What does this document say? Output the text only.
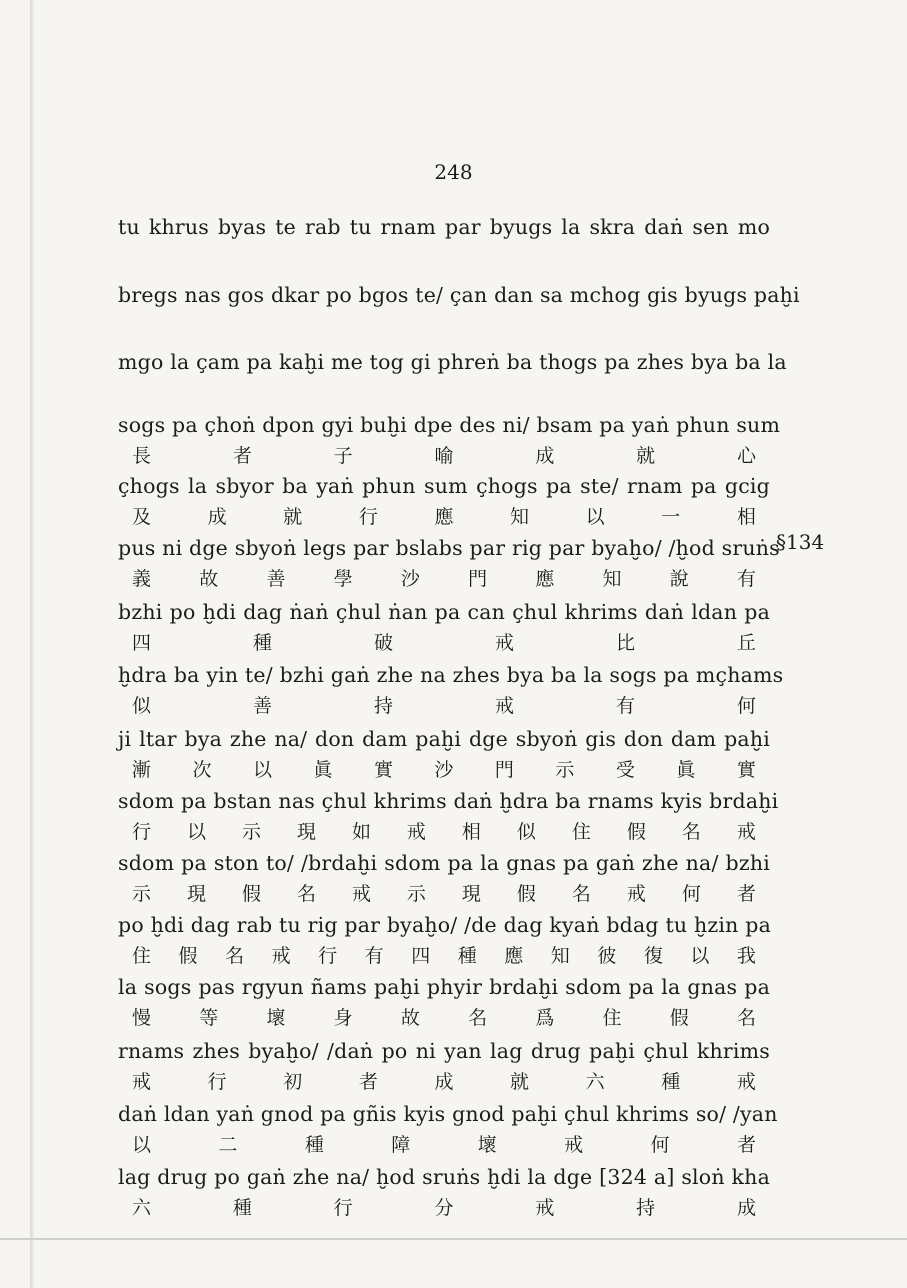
248
§134
tu khrus byas te rab tu rnam par byugs la skra daṅ sen mo
bregs nas gos dkar po bgos te/ çan dan sa mchog gis byugs paḫi
mgo la çam pa kaḫi me tog gi phreṅ ba thogs pa zhes bya ba la
sogs pa çhoṅ dpon gyi buḫi dpe des ni/ bsam pa yaṅ phun sum
長	者	子	喻	成	就	心
çhogs la sbyor ba yaṅ phun sum çhogs pa ste/ rnam pa gcig
及	成	就	行	應	知	以	一	相
pus ni dge sbyoṅ legs par bslabs par rig par byaḫo/ /ḫod sruṅs
義	故	善	學	沙	門	應	知	說	有
bzhi po ḫdi dag ṅaṅ çhul ṅan pa can çhul khrims daṅ ldan pa
四	種	破	戒	比	丘
ḫdra ba yin te/ bzhi gaṅ zhe na zhes bya ba la sogs pa mçhams
似	善	持	戒	有	何
ji ltar bya zhe na/ don dam paḫi dge sbyoṅ gis don dam paḫi
漸 次 以 眞 實 沙 門 示 受 眞 實
sdom pa bstan nas çhul khrims daṅ ḫdra ba rnams kyis brdaḫi
行 以 示 現 如 戒 相 似 住 假 名 戒
sdom pa ston to/ /brdaḫi sdom pa la gnas pa gaṅ zhe na/ bzhi
示 現 假 名 戒 示 現 假 名 戒 何 者
po ḫdi dag rab tu rig par byaḫo/ /de dag kyaṅ bdag tu ḫzin pa
住 假 名 戒 行 有 四 種 應 知 彼 復 以 我
la sogs pas rgyun ñams paḫi phyir brdaḫi sdom pa la gnas pa
慢	等	壞	身	故	名	爲	住	假	名
rnams zhes byaḫo/ /daṅ po ni yan lag drug paḫi çhul khrims
戒	行	初	者	成	就	六	種	戒
daṅ ldan yaṅ gnod pa gñis kyis gnod paḫi çhul khrims so/ /yan
以	二	種	障	壞	戒	何	者
lag drug po gaṅ zhe na/ ḫod sruṅs ḫdi la dge [324 a] sloṅ kha
六	種	行	分	戒	持	成
